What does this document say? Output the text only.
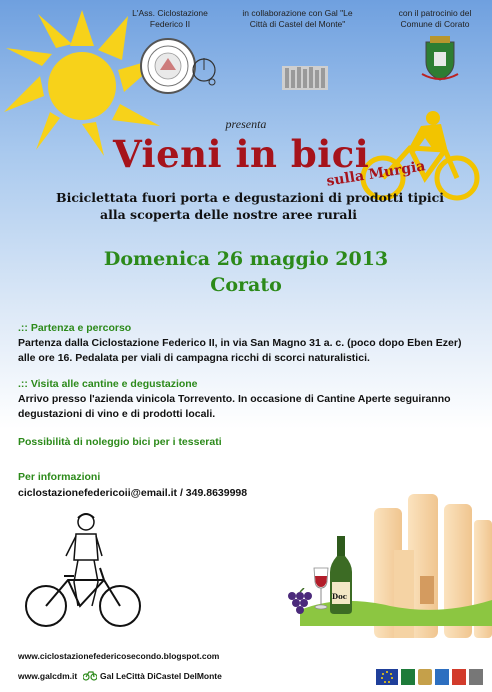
L'Ass. Ciclostazione Federico II
in collaborazione con Gal "Le Città di Castel del Monte"
con il patrocinio del Comune di Corato
presenta
Vieni in bici
sulla Murgia
Biciclettata fuori porta e degustazioni di prodotti tipici
alla scoperta delle nostre aree rurali
Domenica 26 maggio 2013
Corato
.:: Partenza e percorso
Partenza dalla Ciclostazione Federico II, in via San Magno 31 a. c. (poco dopo Eben Ezer)
alle ore 16. Pedalata per viali di campagna ricchi di scorci naturalistici.
.:: Visita alle cantine e degustazione
Arrivo presso l'azienda vinicola Torrevento. In occasione di Cantine Aperte seguiranno
degustazioni di vino e di prodotti locali.
Possibilità di noleggio bici per i tesserati
Per informazioni
ciclostazionefedericoii@email.it / 349.8639998
Doc
www.ciclostazionefedericosecondo.blogspot.com
www.galcdm.it	Gal LeCittà DiCastel DelMonte
